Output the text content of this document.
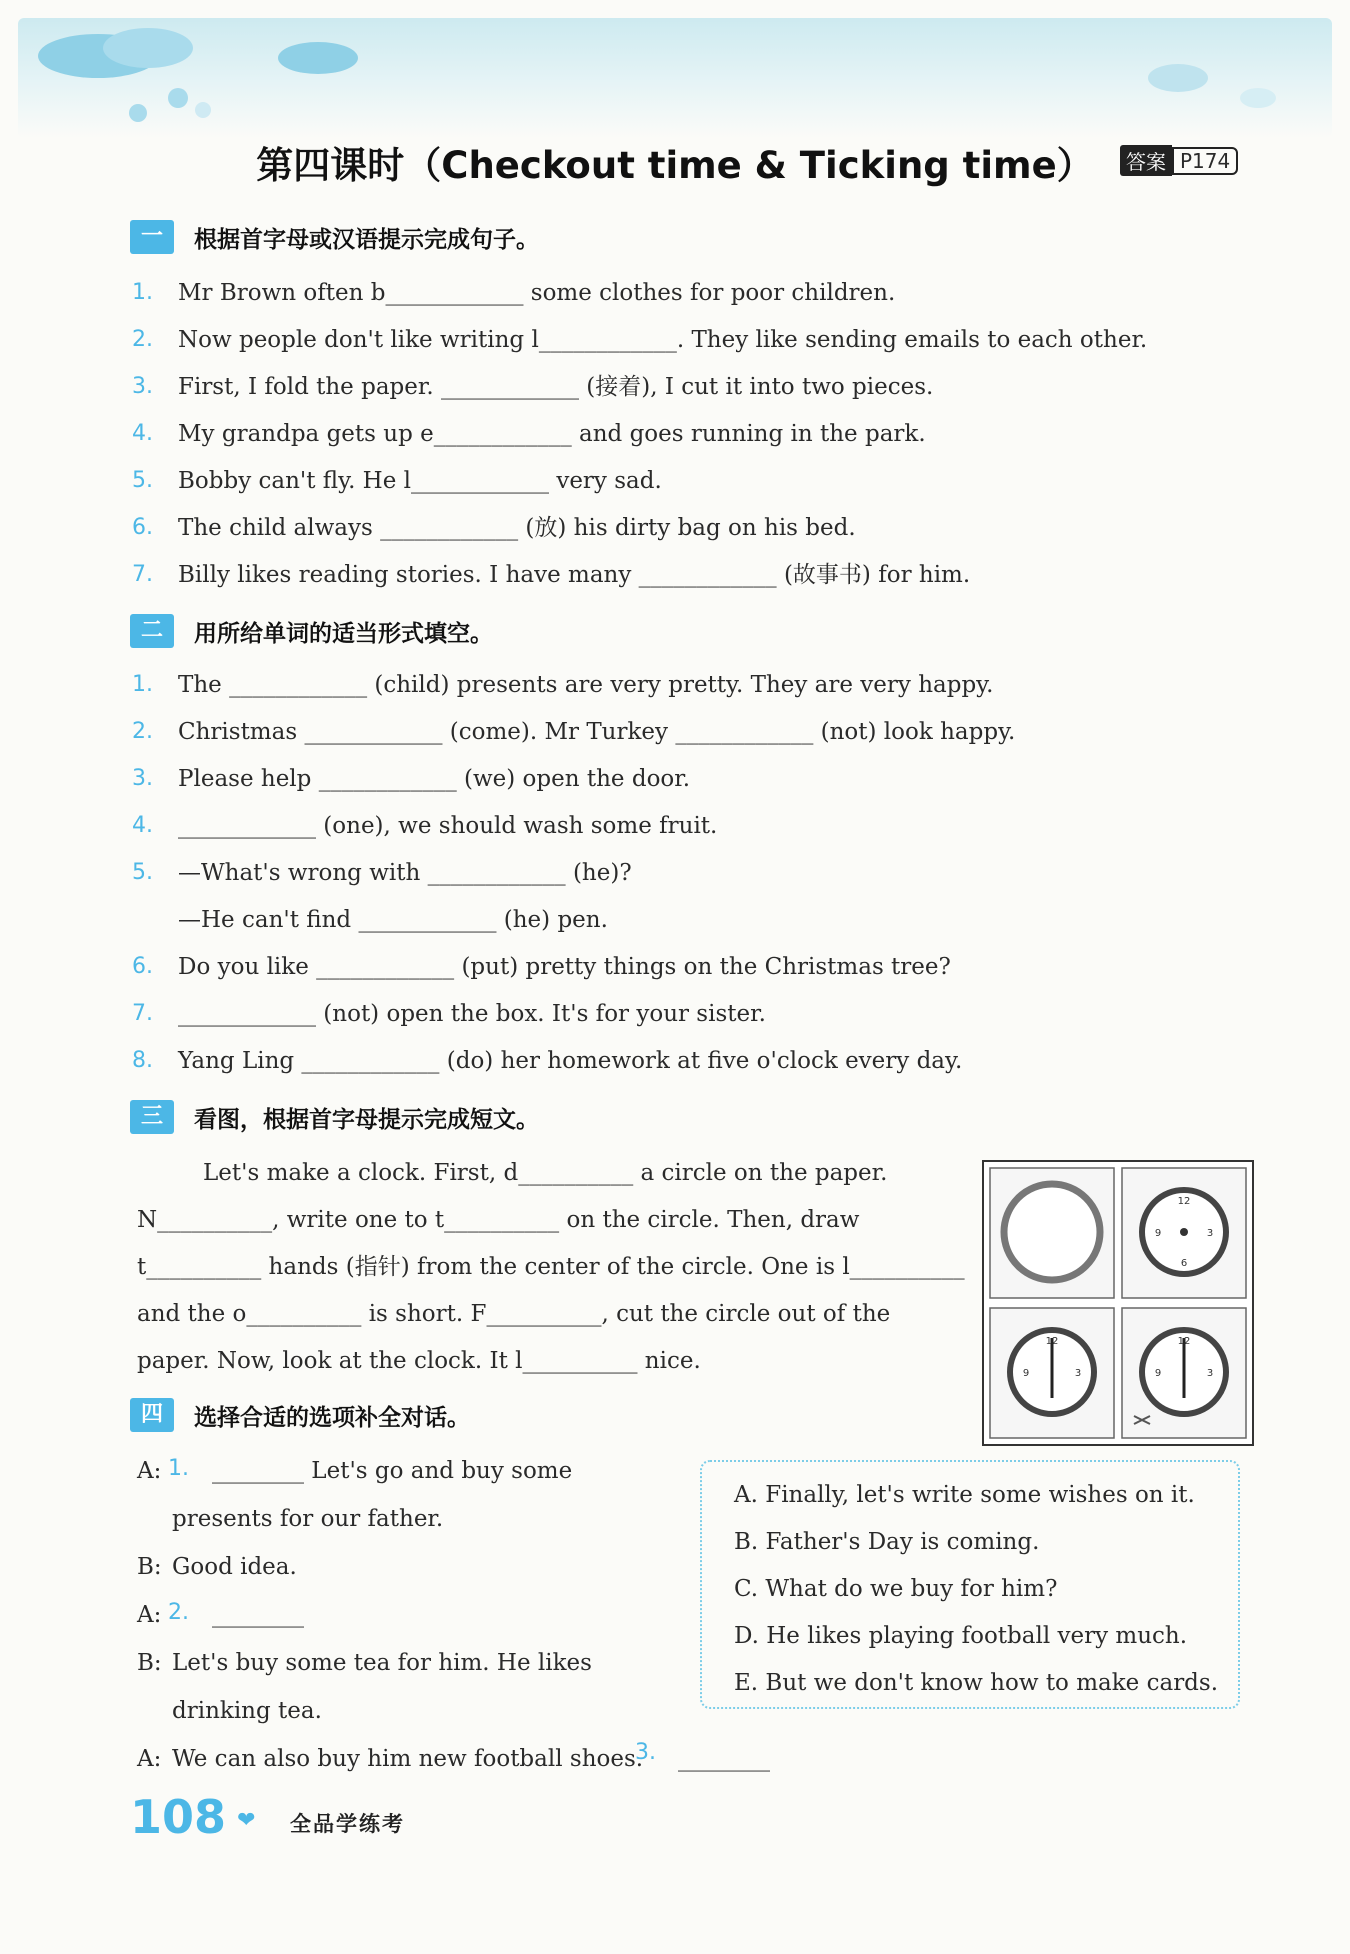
第四课时（Checkout time & Ticking time）	答案 P174
一	根据首字母或汉语提示完成句子。
1. Mr Brown often b____________ some clothes for poor children.
2. Now people don't like writing l____________. They like sending emails to each other.
3. First, I fold the paper. ____________ (接着), I cut it into two pieces.
4. My grandpa gets up e____________ and goes running in the park.
5. Bobby can't fly. He l____________ very sad.
6. The child always ____________ (放) his dirty bag on his bed.
7. Billy likes reading stories. I have many ____________ (故事书) for him.
二	用所给单词的适当形式填空。
1. The ____________ (child) presents are very pretty. They are very happy.
2. Christmas ____________ (come). Mr Turkey ____________ (not) look happy.
3. Please help ____________ (we) open the door.
4. ____________ (one), we should wash some fruit.
5. —What's wrong with ____________ (he)?
—He can't find ____________ (he) pen.
6. Do you like ____________ (put) pretty things on the Christmas tree?
7. ____________ (not) open the box. It's for your sister.
8. Yang Ling ____________ (do) her homework at five o'clock every day.
三	看图，根据首字母提示完成短文。
Let's make a clock. First, d__________ a circle on the paper.
N__________, write one to t__________ on the circle. Then, draw
t__________ hands (指针) from the center of the circle. One is l__________
and the o__________ is short. F__________, cut the circle out of the
paper. Now, look at the clock. It l__________ nice.
12
3
6
9
12
3
9
12
3
9
四	选择合适的选项补全对话。
A: 1. ________ Let's go and buy some
presents for our father.
B: Good idea.
A: 2. ________
B: Let's buy some tea for him. He likes
drinking tea.
A: We can also buy him new football shoes.
3. ________
A. Finally, let's write some wishes on it.
B. Father's Day is coming.
C. What do we buy for him?
D. He likes playing football very much.
E. But we don't know how to make cards.
108 ❤ 全品学练考
